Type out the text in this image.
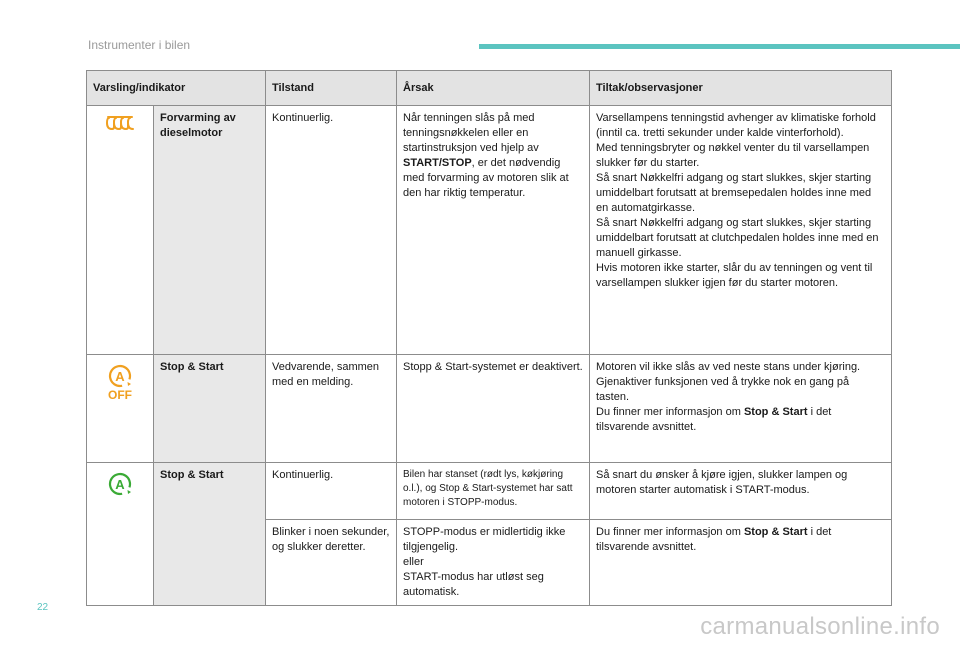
Instrumenter i bilen
Varsling/indikator		Tilstand	Årsak	Tiltak/observasjoner
	Forvarming av dieselmotor	Kontinuerlig.	Når tenningen slås på med tenningsnøkkelen eller en startinstruksjon ved hjelp av START/STOP, er det nødvendig med forvarming av motoren slik at den har riktig temperatur.	Varsellampens tenningstid avhenger av klimatiske forhold (inntil ca. tretti sekunder under kalde vinterforhold).
Med tenningsbryter og nøkkel venter du til varsellampen slukker før du starter.
Så snart Nøkkelfri adgang og start slukkes, skjer starting umiddelbart forutsatt at bremsepedalen holdes inne med en automatgirkasse.
Så snart Nøkkelfri adgang og start slukkes, skjer starting umiddelbart forutsatt at clutchpedalen holdes inne med en manuell girkasse.
Hvis motoren ikke starter, slår du av tenningen og vent til varsellampen slukker igjen før du starter motoren.

A
OFF	Stop & Start	Vedvarende, sammen med en melding.	Stopp & Start-systemet er deaktivert.	Motoren vil ikke slås av ved neste stans under kjøring.
Gjenaktiver funksjonen ved å trykke nok en gang på tasten.
Du finner mer informasjon om Stop & Start i det tilsvarende avsnittet.

A	Stop & Start	Kontinuerlig.	Bilen har stanset (rødt lys, køkjøring o.l.), og Stop & Start-systemet har satt motoren i STOPP-modus.	Så snart du ønsker å kjøre igjen, slukker lampen og motoren starter automatisk i START-modus.
		Blinker i noen sekunder, og slukker deretter.	STOPP-modus er midlertidig ikke tilgjengelig.
eller
START-modus har utløst seg automatisk.	Du finner mer informasjon om Stop & Start i det tilsvarende avsnittet.
22
carmanualsonline.info
